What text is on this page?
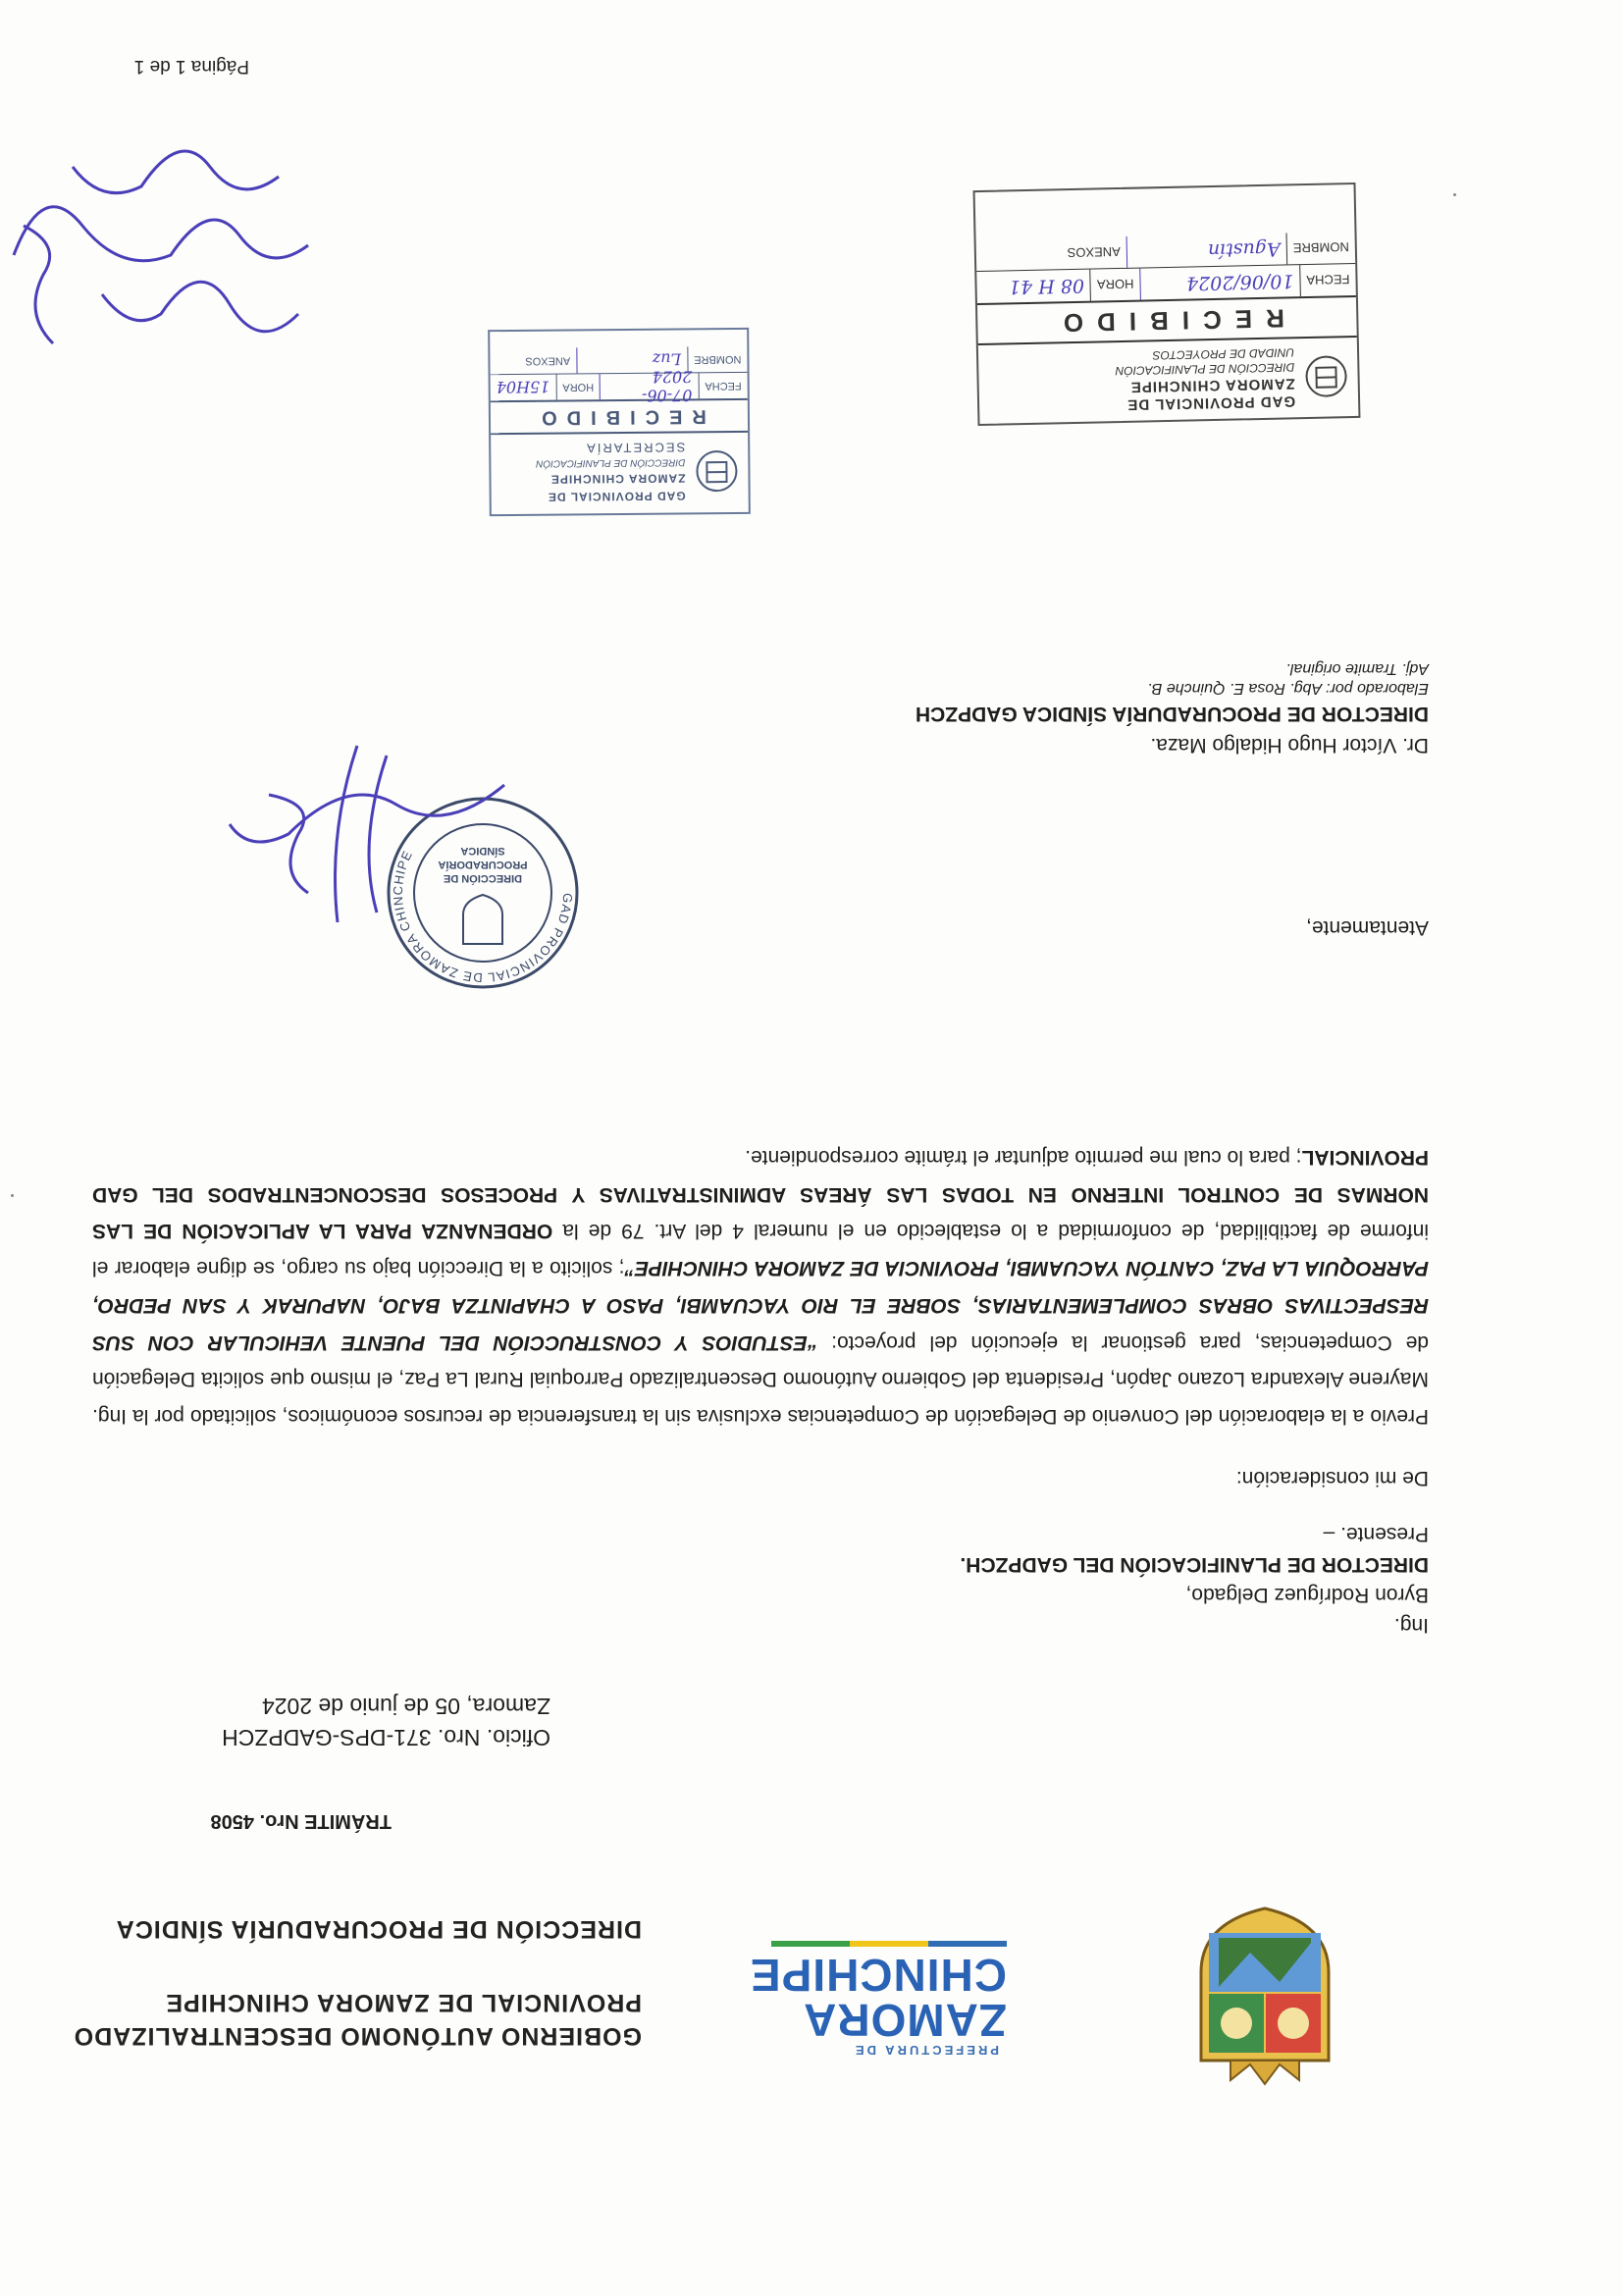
PREFECTURA DE
ZAMORA
CHINCHIPE
GOBIERNO AUTÓNOMO DESCENTRALIZADO
PROVINCIAL DE ZAMORA CHINCHIPE
DIRECCIÓN DE PROCURADURÍA SÍNDICA
TRÁMITE Nro. 4508
Oficio. Nro. 371-DPS-GADPZCH
Zamora, 05 de junio de 2024
Ing.
Byron Rodríguez Delgado,
DIRECTOR DE PLANIFICACIÓN DEL GADPZCH.
Presente. –
De mi consideración:
Previo a la elaboración del Convenio de Delegación de Competencias exclusiva sin la transferencia de recursos económicos, solicitado por la Ing. Mayrene Alexandra Lozano Japón, Presidenta del Gobierno Autónomo Descentralizado Parroquial Rural La Paz, el mismo que solicita Delegación de Competencias, para gestionar la ejecución del proyecto: “ESTUDIOS Y CONSTRUCCIÓN DEL PUENTE VEHICULAR CON SUS RESPECTIVAS OBRAS COMPLEMENTARIAS, SOBRE EL RIO YACUAMBI, PASO A CHAPINTZA BAJO, NAPURAK Y SAN PEDRO, PARROQUIA LA PAZ, CANTÓN YACUAMBI, PROVINCIA DE ZAMORA CHINCHIPE”; solicito a la Dirección bajo su cargo, se digne elaborar el informe de factibilidad, de conformidad a lo establecido en el numeral 4 del Art. 79 de la ORDENANZA PARA LA APLICACIÓN DE LAS NORMAS DE CONTROL INTERNO EN TODAS LAS ÁREAS ADMINISTRATIVAS Y PROCESOS DESCONCENTRADOS DEL GAD PROVINCIAL; para lo cual me permito adjuntar el trámite correspondiente.
Atentamente,
GAD PROVINCIAL DE ZAMORA CHINCHIPE
DIRECCIÓN DE
PROCURADORÍA
SÍNDICA
Dr. Víctor Hugo Hidalgo Maza.
DIRECTOR DE PROCURADURÍA SÍNDICA GADPZCH
Elaborado por: Abg. Rosa E. Quinche B.
Adj. Tramite original.
GAD PROVINCIAL DE
ZAMORA CHINCHIPE
DIRECCIÓN DE PLANIFICACIÓN
UNIDAD DE PROYECTOS
RECIBIDO
FECHA
10/06/2024
HORA
08 H 41
NOMBRE
Agustín
ANEXOS
GAD PROVINCIAL DE
ZAMORA CHINCHIPE
DIRECCIÓN DE PLANIFICACIÓN
SECRETARÍA
RECIBIDO
FECHA
07-06-2024
HORA
15H04
NOMBRE
Luz
ANEXOS
Página 1 de 1
